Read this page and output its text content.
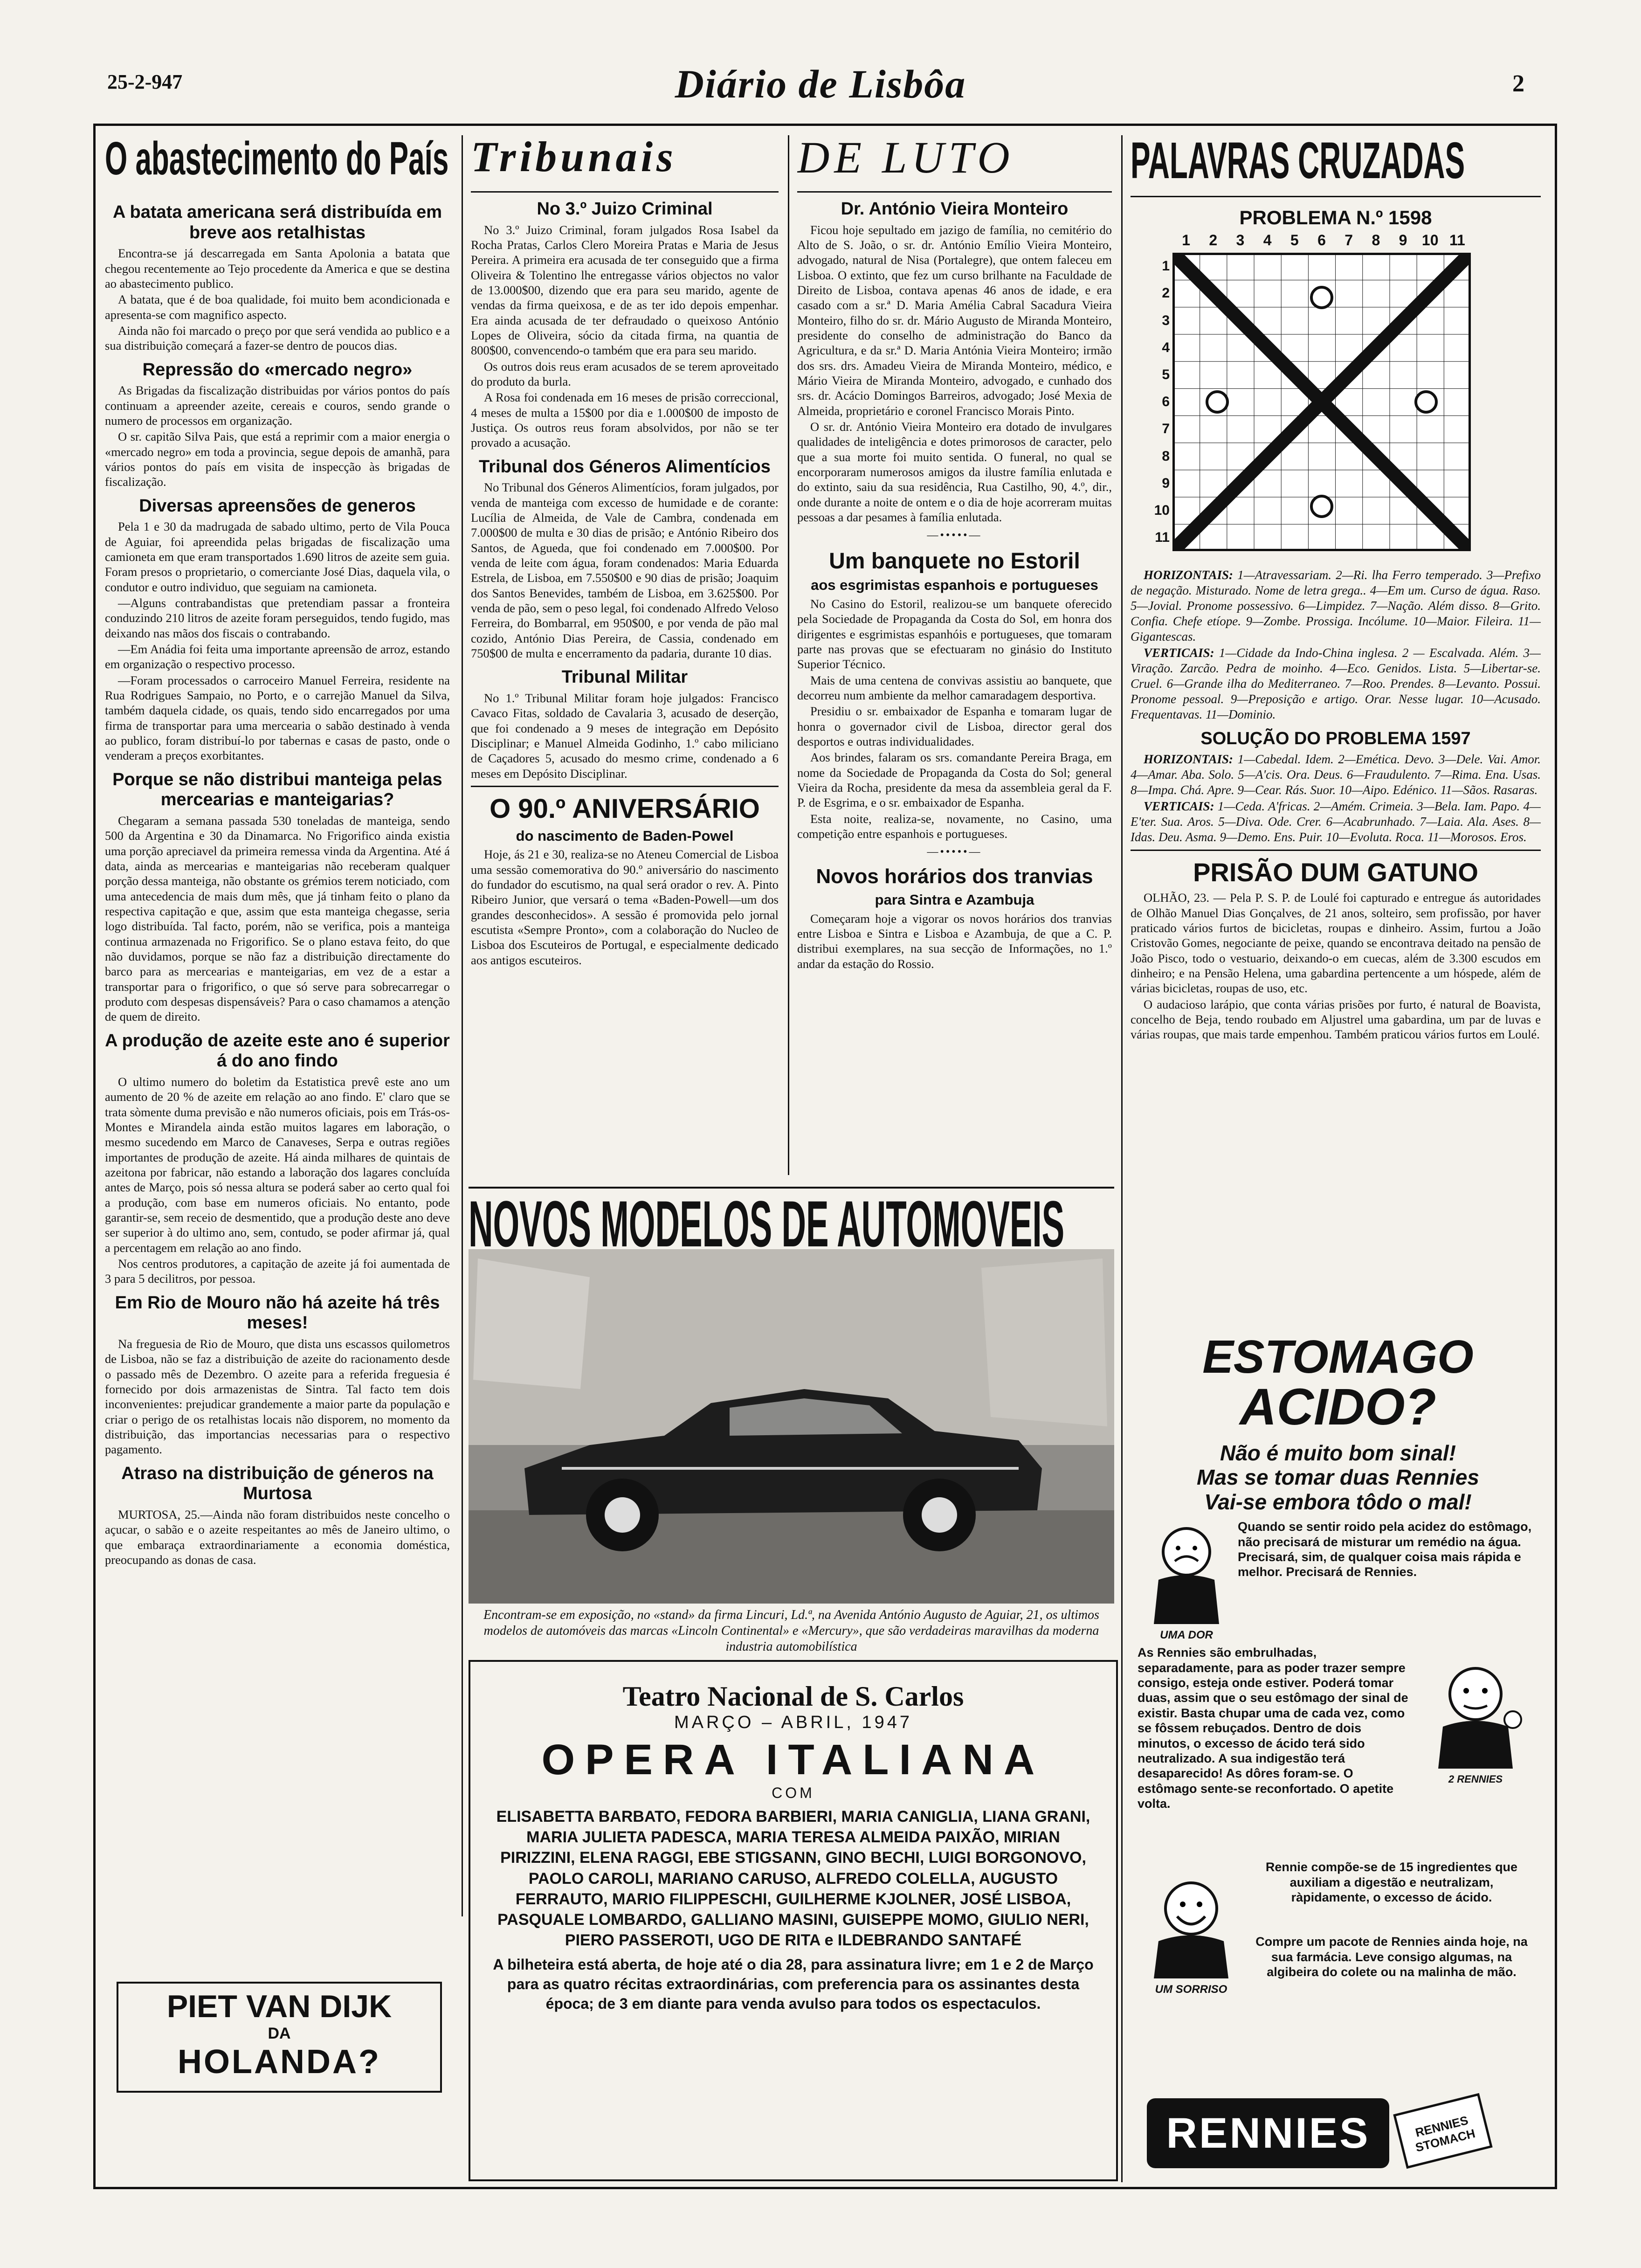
25-2-947	Diário de Lisbôa	2
O abastecimento do País
A batata americana será distribuída em breve aos retalhistas

Encontra-se já descarregada em Santa Apolonia a batata que chegou recentemente ao Tejo procedente da America e que se destina ao abastecimento publico.

A batata, que é de boa qualidade, foi muito bem acondicionada e apresenta-se com magnifico aspecto.

Ainda não foi marcado o preço por que será vendida ao publico e a sua distribuição começará a fazer-se dentro de poucos dias.

Repressão do «mercado negro»

As Brigadas da fiscalização distribuidas por vários pontos do país continuam a apreender azeite, cereais e couros, sendo grande o numero de processos em organização.

O sr. capitão Silva Pais, que está a reprimir com a maior energia o «mercado negro» em toda a provincia, segue depois de amanhã, para vários pontos do país em visita de inspecção às brigadas de fiscalização.

Diversas apreensões de generos

Pela 1 e 30 da madrugada de sabado ultimo, perto de Vila Pouca de Aguiar, foi apreendida pelas brigadas de fiscalização uma camioneta em que eram transportados 1.690 litros de azeite sem guia. Foram presos o proprietario, o comerciante José Dias, daquela vila, o condutor e outro individuo, que seguiam na camioneta.

—Alguns contrabandistas que pretendiam passar a fronteira conduzindo 210 litros de azeite foram perseguidos, tendo fugido, mas deixando nas mãos dos fiscais o contrabando.

—Em Anádia foi feita uma importante apreensão de arroz, estando em organização o respectivo processo.

—Foram processados o carroceiro Manuel Ferreira, residente na Rua Rodrigues Sampaio, no Porto, e o carrejão Manuel da Silva, também daquela cidade, os quais, tendo sido encarregados por uma firma de transportar para uma mercearia o sabão destinado à venda ao publico, foram distribuí-lo por tabernas e casas de pasto, onde o venderam a preços exorbitantes.

Porque se não distribui manteiga pelas mercearias e manteigarias?

Chegaram a semana passada 530 toneladas de manteiga, sendo 500 da Argentina e 30 da Dinamarca. No Frigorifico ainda existia uma porção apreciavel da primeira remessa vinda da Argentina. Até á data, ainda as mercearias e manteigarias não receberam qualquer porção dessa manteiga, não obstante os grémios terem noticiado, com uma antecedencia de mais dum mês, que já tinham feito o plano da respectiva capitação e que, assim que esta manteiga chegasse, seria logo distribuída. Tal facto, porém, não se verifica, pois a manteiga continua armazenada no Frigorifico. Se o plano estava feito, do que não duvidamos, porque se não faz a distribuição directamente do barco para as mercearias e manteigarias, em vez de a estar a transportar para o frigorifico, o que só serve para sobrecarregar o produto com despesas dispensáveis? Para o caso chamamos a atenção de quem de direito.

A produção de azeite este ano é superior á do ano findo

O ultimo numero do boletim da Estatistica prevê este ano um aumento de 20 % de azeite em relação ao ano findo. E' claro que se trata sòmente duma previsão e não numeros oficiais, pois em Trás-os-Montes e Mirandela ainda estão muitos lagares em laboração, o mesmo sucedendo em Marco de Canaveses, Serpa e outras regiões importantes de produção de azeite. Há ainda milhares de quintais de azeitona por fabricar, não estando a laboração dos lagares concluída antes de Março, pois só nessa altura se poderá saber ao certo qual foi a produção, com base em numeros oficiais. No entanto, pode garantir-se, sem receio de desmentido, que a produção deste ano deve ser superior à do ultimo ano, sem, contudo, se poder afirmar já, qual a percentagem em relação ao ano findo.

Nos centros produtores, a capitação de azeite já foi aumentada de 3 para 5 decilitros, por pessoa.

Em Rio de Mouro não há azeite há três meses!

Na freguesia de Rio de Mouro, que dista uns escassos quilometros de Lisboa, não se faz a distribuição de azeite do racionamento desde o passado mês de Dezembro. O azeite para a referida freguesia é fornecido por dois armazenistas de Sintra. Tal facto tem dois inconvenientes: prejudicar grandemente a maior parte da população e criar o perigo de os retalhistas locais não disporem, no momento da distribuição, das importancias necessarias para o respectivo pagamento.

Atraso na distribuição de géneros na Murtosa

MURTOSA, 25.—Ainda não foram distribuidos neste concelho o açucar, o sabão e o azeite respeitantes ao mês de Janeiro ultimo, o que embaraça extraordinariamente a economia doméstica, preocupando as donas de casa.

PIET VAN DIJK
DA
HOLANDA?
Tribunais
No 3.º Juizo Criminal

No 3.º Juizo Criminal, foram julgados Rosa Isabel da Rocha Pratas, Carlos Clero Moreira Pratas e Maria de Jesus Pereira. A primeira era acusada de ter conseguido que a firma Oliveira & Tolentino lhe entregasse vários objectos no valor de 13.000$00, dizendo que era para seu marido, agente de vendas da firma queixosa, e de as ter ido depois empenhar. Era ainda acusada de ter defraudado o queixoso António Lopes de Oliveira, sócio da citada firma, na quantia de 800$00, convencendo-o também que era para seu marido.

Os outros dois reus eram acusados de se terem aproveitado do produto da burla.

A Rosa foi condenada em 16 meses de prisão correccional, 4 meses de multa a 15$00 por dia e 1.000$00 de imposto de Justiça. Os outros reus foram absolvidos, por não se ter provado a acusação.

Tribunal dos Géneros Alimentícios

No Tribunal dos Géneros Alimentícios, foram julgados, por venda de manteiga com excesso de humidade e de corante: Lucília de Almeida, de Vale de Cambra, condenada em 7.000$00 de multa e 30 dias de prisão; e António Ribeiro dos Santos, de Agueda, que foi condenado em 7.000$00. Por venda de leite com água, foram condenados: Maria Eduarda Estrela, de Lisboa, em 7.550$00 e 90 dias de prisão; Joaquim dos Santos Benevides, também de Lisboa, em 3.625$00. Por venda de pão, sem o peso legal, foi condenado Alfredo Veloso Ferreira, do Bombarral, em 950$00, e por venda de pão mal cozido, António Dias Pereira, de Cassia, condenado em 750$00 de multa e encerramento da padaria, durante 10 dias.

Tribunal Militar

No 1.º Tribunal Militar foram hoje julgados: Francisco Cavaco Fitas, soldado de Cavalaria 3, acusado de deserção, que foi condenado a 9 meses de integração em Depósito Disciplinar; e Manuel Almeida Godinho, 1.º cabo miliciano de Caçadores 5, acusado do mesmo crime, condenado a 6 meses em Depósito Disciplinar.

O 90.º ANIVERSÁRIO
do nascimento de Baden-Powel

Hoje, ás 21 e 30, realiza-se no Ateneu Comercial de Lisboa uma sessão comemorativa do 90.º aniversário do nascimento do fundador do escutismo, na qual será orador o rev. A. Pinto Ribeiro Junior, que versará o tema «Baden-Powell—um dos grandes desconhecidos». A sessão é promovida pelo jornal escutista «Sempre Pronto», com a colaboração do Nucleo de Lisboa dos Escuteiros de Portugal, e especialmente dedicado aos antigos escuteiros.

DE LUTO
Dr. António Vieira Monteiro

Ficou hoje sepultado em jazigo de família, no cemitério do Alto de S. João, o sr. dr. António Emílio Vieira Monteiro, advogado, natural de Nisa (Portalegre), que ontem faleceu em Lisboa. O extinto, que fez um curso brilhante na Faculdade de Direito de Lisboa, contava apenas 46 anos de idade, e era casado com a sr.ª D. Maria Amélia Cabral Sacadura Vieira Monteiro, filho do sr. dr. Mário Augusto de Miranda Monteiro, presidente do conselho de administração do Banco da Agricultura, e da sr.ª D. Maria Antónia Vieira Monteiro; irmão dos srs. drs. Amadeu Vieira de Miranda Monteiro, médico, e Mário Vieira de Miranda Monteiro, advogado, e cunhado dos srs. dr. Acácio Domingos Barreiros, advogado; José Mexia de Almeida, proprietário e coronel Francisco Morais Pinto.

O sr. dr. António Vieira Monteiro era dotado de invulgares qualidades de inteligência e dotes primorosos de caracter, pelo que a sua morte foi muito sentida. O funeral, no qual se encorporaram numerosos amigos da ilustre família enlutada e do extinto, saiu da sua residência, Rua Castilho, 90, 4.º, dir., onde durante a noite de ontem e o dia de hoje acorreram muitas pessoas a dar pesames à família enlutada.

—•••••—
Um banquete no Estoril
aos esgrimistas espanhois e portugueses

No Casino do Estoril, realizou-se um banquete oferecido pela Sociedade de Propaganda da Costa do Sol, em honra dos dirigentes e esgrimistas espanhóis e portugueses, que tomaram parte nas provas que se efectuaram no ginásio do Instituto Superior Técnico.

Mais de uma centena de convivas assistiu ao banquete, que decorreu num ambiente da melhor camaradagem desportiva.

Presidiu o sr. embaixador de Espanha e tomaram lugar de honra o governador civil de Lisboa, director geral dos desportos e outras individualidades.

Aos brindes, falaram os srs. comandante Pereira Braga, em nome da Sociedade de Propaganda da Costa do Sol; general Vieira da Rocha, presidente da mesa da assembleia geral da F. P. de Esgrima, e o sr. embaixador de Espanha.

Esta noite, realiza-se, novamente, no Casino, uma competição entre espanhois e portugueses.

—•••••—
Novos horários dos tranvias
para Sintra e Azambuja

Começaram hoje a vigorar os novos horários dos tranvias entre Lisboa e Sintra e Lisboa e Azambuja, de que a C. P. distribui exemplares, na sua secção de Informações, no 1.º andar da estação do Rossio.

NOVOS MODELOS DE AUTOMOVEIS
Encontram-se em exposição, no «stand» da firma Lincuri, Ld.ª, na Avenida António Augusto de Aguiar, 21, os ultimos modelos de automóveis das marcas «Lincoln Continental» e «Mercury», que são verdadeiras maravilhas da moderna industria automobilística
Teatro Nacional de S. Carlos
MARÇO – ABRIL, 1947
OPERA ITALIANA
COM
ELISABETTA BARBATO, FEDORA BARBIERI, MARIA CANIGLIA, LIANA GRANI, MARIA JULIETA PADESCA, MARIA TERESA ALMEIDA PAIXÃO, MIRIAN PIRIZZINI, ELENA RAGGI, EBE STIGSANN, GINO BECHI, LUIGI BORGONOVO, PAOLO CAROLI, MARIANO CARUSO, ALFREDO COLELLA, AUGUSTO FERRAUTO, MARIO FILIPPESCHI, GUILHERME KJOLNER, JOSÉ LISBOA, PASQUALE LOMBARDO, GALLIANO MASINI, GUISEPPE MOMO, GIULIO NERI, PIERO PASSEROTI, UGO DE RITA e ILDEBRANDO SANTAFÉ
A bilheteira está aberta, de hoje até o dia 28, para assinatura livre; em 1 e 2 de Março para as quatro récitas extraordinárias, com preferencia para os assinantes desta época; de 3 em diante para venda avulso para todos os espectaculos.
PALAVRAS CRUZADAS
PROBLEMA N.º 1598
1	2	3	4	5	6	7	8	9 10 11
1
2
3
4
5
6
7
8
9
10
11

HORIZONTAIS: 1—Atravessariam. 2—Ri. lha Ferro temperado. 3—Prefixo de negação. Misturado. Nome de letra grega.. 4—Em um. Curso de água. Raso. 5—Jovial. Pronome possessivo. 6—Limpidez. 7—Nação. Além disso. 8—Grito. Confia. Chefe etíope. 9—Zombe. Prossiga. Incólume. 10—Maior. Fileira. 11—Gigantescas.

VERTICAIS: 1—Cidade da Indo-China inglesa. 2 — Escalvada. Além. 3—Viração. Zarcão. Pedra de moinho. 4—Eco. Genidos. Lista. 5—Libertar-se. Cruel. 6—Grande ilha do Mediterraneo. 7—Roo. Prendes. 8—Levanto. Possui. Pronome pessoal. 9—Preposição e artigo. Orar. Nesse lugar. 10—Acusado. Frequentavas. 11—Dominio.

SOLUÇÃO DO PROBLEMA 1597

HORIZONTAIS: 1—Cabedal. Idem. 2—Emética. Devo. 3—Dele. Vai. Amor. 4—Amar. Aba. Solo. 5—A'cis. Ora. Deus. 6—Fraudulento. 7—Rima. Ena. Usas. 8—Impa. Chá. Apre. 9—Cear. Rás. Suor. 10—Aipo. Edénico. 11—Sãos. Rasaras.

VERTICAIS: 1—Ceda. A'fricas. 2—Amém. Crimeia. 3—Bela. Iam. Papo. 4—E'ter. Sua. Aros. 5—Diva. Ode. Crer. 6—Acabrunhado. 7—Laia. Ala. Ases. 8—Idas. Deu. Asma. 9—Demo. Ens. Puir. 10—Evoluta. Roca. 11—Morosos. Eros.

PRISÃO DUM GATUNO

OLHÃO, 23. — Pela P. S. P. de Loulé foi capturado e entregue ás autoridades de Olhão Manuel Dias Gonçalves, de 21 anos, solteiro, sem profissão, por haver praticado vários furtos de bicicletas, roupas e dinheiro. Assim, furtou a João Cristovão Gomes, negociante de peixe, quando se encontrava deitado na pensão de João Pisco, todo o vestuario, deixando-o em cuecas, além de 3.300 escudos em dinheiro; e na Pensão Helena, uma gabardina pertencente a um hóspede, além de várias bicicletas, roupas de uso, etc.

O audacioso larápio, que conta várias prisões por furto, é natural de Boavista, concelho de Beja, tendo roubado em Aljustrel uma gabardina, um par de luvas e várias roupas, que mais tarde empenhou. Também praticou vários furtos em Loulé.

ESTOMAGO
ACIDO?
Não é muito bom sinal!
Mas se tomar duas Rennies
Vai-se embora tôdo o mal!
UMA DOR
Quando se sentir roido pela acidez do estômago, não precisará de misturar um remédio na água. Precisará, sim, de qualquer coisa mais rápida e melhor. Precisará de Rennies.
As Rennies são embrulhadas, separadamente, para as poder trazer sempre consigo, esteja onde estiver. Poderá tomar duas, assim que o seu estômago der sinal de existir. Basta chupar uma de cada vez, como se fôssem rebuçados. Dentro de dois minutos, o excesso de ácido terá sido neutralizado. A sua indigestão terá desaparecido! As dôres foram-se. O estômago sente-se reconfortado. O apetite volta.
2 RENNIES
UM SORRISO
Rennie compõe-se de 15 ingredientes que auxiliam a digestão e neutralizam, ràpidamente, o excesso de ácido.
Compre um pacote de Rennies ainda hoje, na sua farmácia. Leve consigo algumas, na algibeira do colete ou na malinha de mão.
RENNIES	RENNIES STOMACH
